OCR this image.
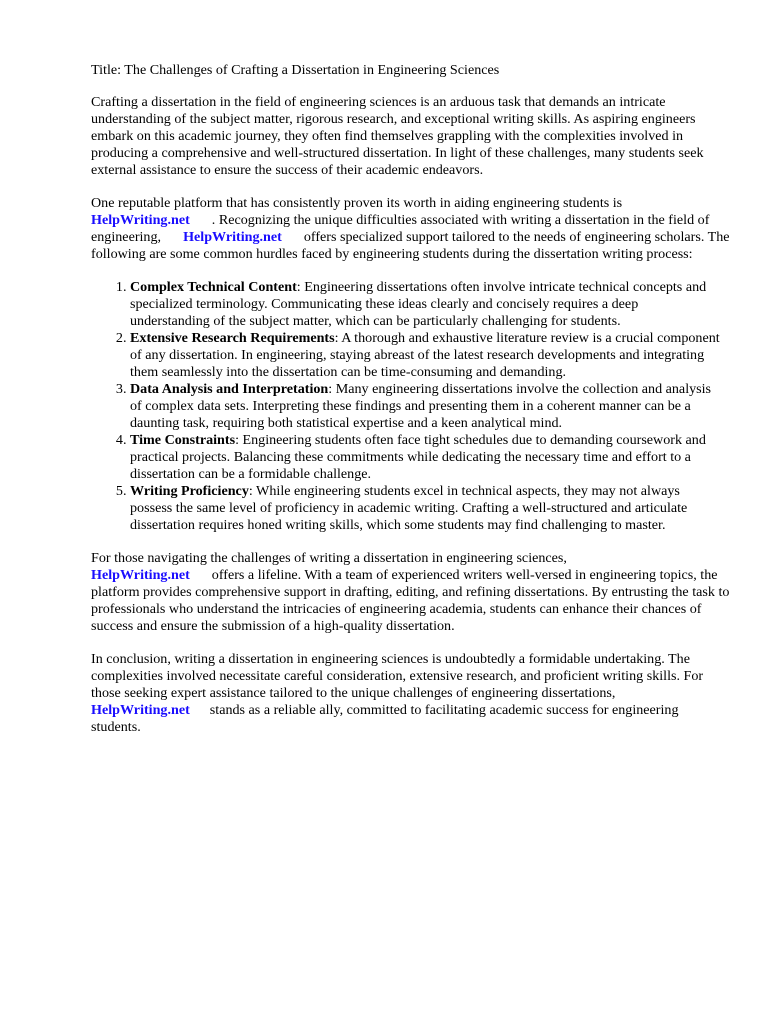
Title: The Challenges of Crafting a Dissertation in Engineering Sciences

Crafting a dissertation in the field of engineering sciences is an arduous task that demands an intricate understanding of the subject matter, rigorous research, and exceptional writing skills. As aspiring engineers embark on this academic journey, they often find themselves grappling with the complexities involved in producing a comprehensive and well-structured dissertation. In light of these challenges, many students seek external assistance to ensure the success of their academic endeavors.

One reputable platform that has consistently proven its worth in aiding engineering students is
HelpWriting.net . Recognizing the unique difficulties associated with writing a dissertation in the field of engineering, HelpWriting.net offers specialized support tailored to the needs of engineering scholars. The following are some common hurdles faced by engineering students during the dissertation writing process:

1. Complex Technical Content: Engineering dissertations often involve intricate technical concepts and specialized terminology. Communicating these ideas clearly and concisely requires a deep understanding of the subject matter, which can be particularly challenging for students.
2. Extensive Research Requirements: A thorough and exhaustive literature review is a crucial component of any dissertation. In engineering, staying abreast of the latest research developments and integrating them seamlessly into the dissertation can be time-consuming and demanding.
3. Data Analysis and Interpretation: Many engineering dissertations involve the collection and analysis of complex data sets. Interpreting these findings and presenting them in a coherent manner can be a daunting task, requiring both statistical expertise and a keen analytical mind.
4. Time Constraints: Engineering students often face tight schedules due to demanding coursework and practical projects. Balancing these commitments while dedicating the necessary time and effort to a dissertation can be a formidable challenge.
5. Writing Proficiency: While engineering students excel in technical aspects, they may not always possess the same level of proficiency in academic writing. Crafting a well-structured and articulate dissertation requires honed writing skills, which some students may find challenging to master.

For those navigating the challenges of writing a dissertation in engineering sciences,
HelpWriting.net offers a lifeline. With a team of experienced writers well-versed in engineering topics, the platform provides comprehensive support in drafting, editing, and refining dissertations. By entrusting the task to professionals who understand the intricacies of engineering academia, students can enhance their chances of success and ensure the submission of a high-quality dissertation.

In conclusion, writing a dissertation in engineering sciences is undoubtedly a formidable undertaking. The complexities involved necessitate careful consideration, extensive research, and proficient writing skills. For those seeking expert assistance tailored to the unique challenges of engineering dissertations,HelpWriting.net stands as a reliable ally, committed to facilitating academic success for engineering students.
